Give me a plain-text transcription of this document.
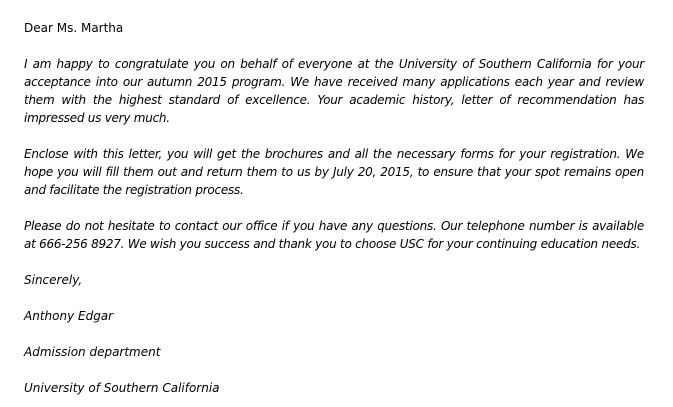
Dear Ms. Martha

I am happy to congratulate you on behalf of everyone at the University of Southern California for your acceptance into our autumn 2015 program. We have received many applications each year and review them with the highest standard of excellence. Your academic history, letter of recommendation has impressed us very much.

Enclose with this letter, you will get the brochures and all the necessary forms for your registration. We hope you will fill them out and return them to us by July 20, 2015, to ensure that your spot remains open and facilitate the registration process.

Please do not hesitate to contact our office if you have any questions. Our telephone number is available at 666-256 8927. We wish you success and thank you to choose USC for your continuing education needs.

Sincerely,

Anthony Edgar

Admission department

University of Southern California
